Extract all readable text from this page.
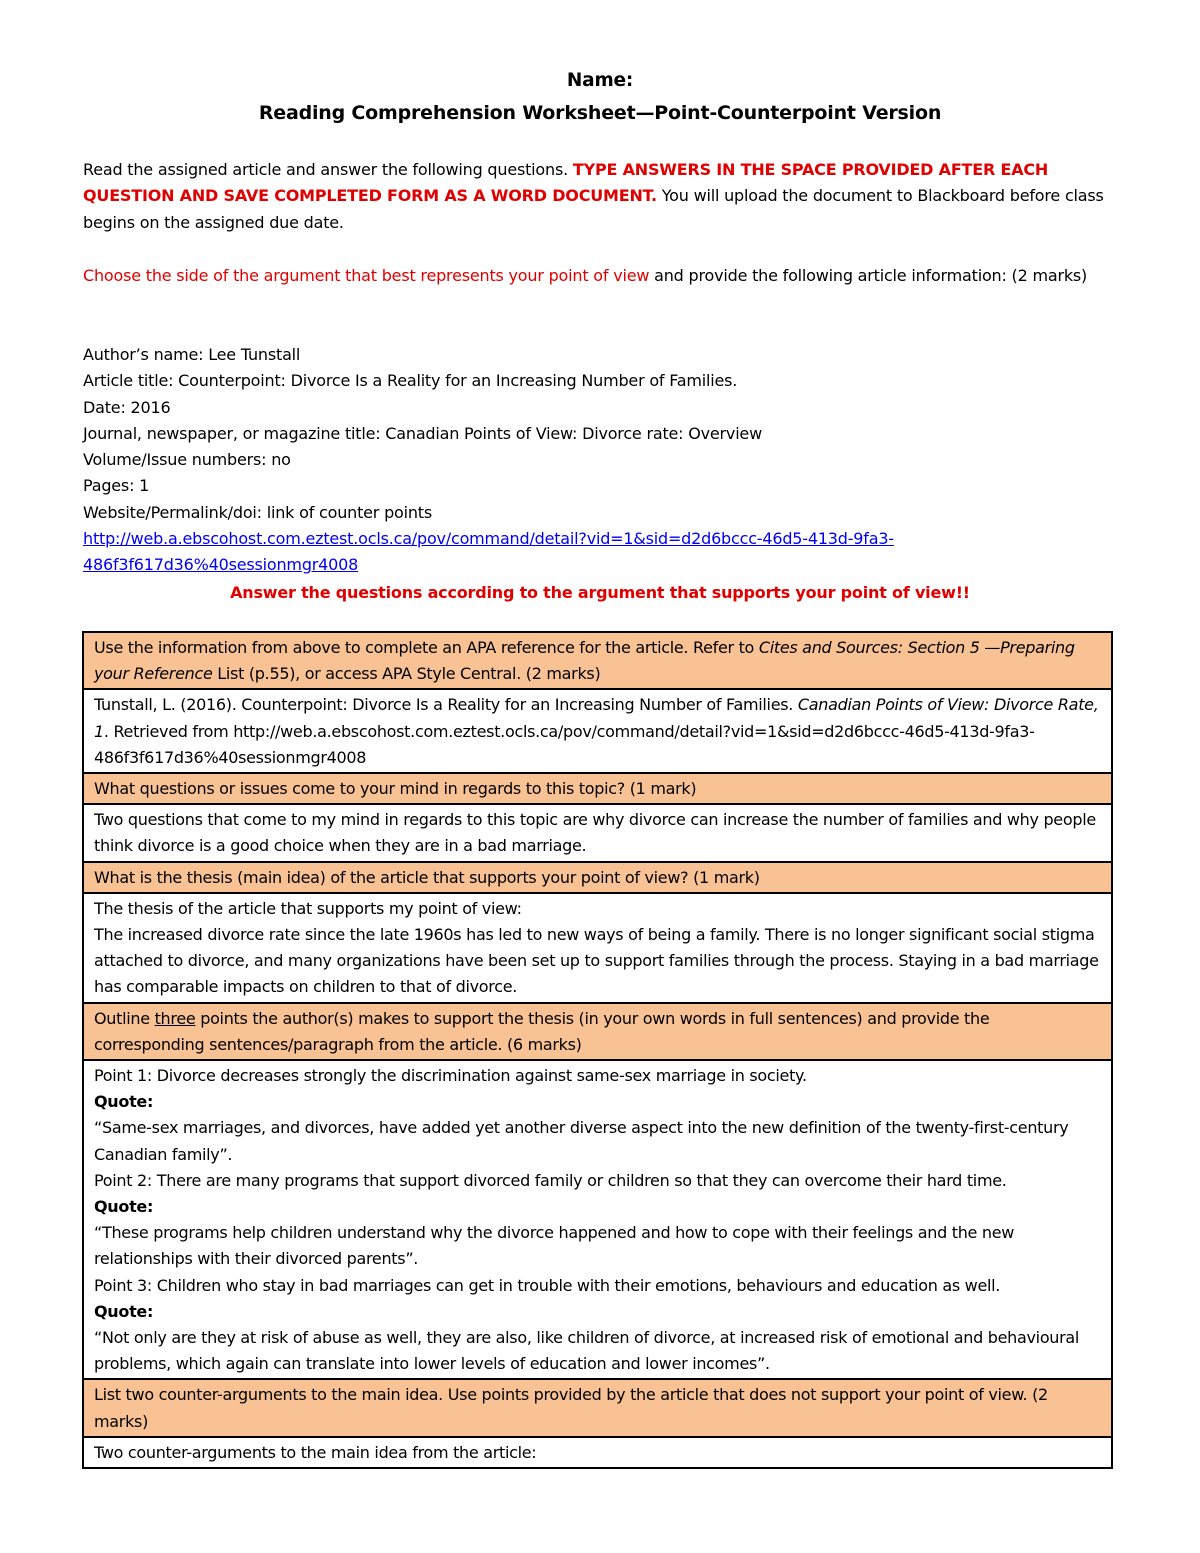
Name:
Reading Comprehension Worksheet—Point-Counterpoint Version
Read the assigned article and answer the following questions. TYPE ANSWERS IN THE SPACE PROVIDED AFTER EACH QUESTION AND SAVE COMPLETED FORM AS A WORD DOCUMENT. You will upload the document to Blackboard before class begins on the assigned due date.
Choose the side of the argument that best represents your point of view and provide the following article information: (2 marks)
Author’s name: Lee Tunstall
Article title: Counterpoint: Divorce Is a Reality for an Increasing Number of Families.
Date: 2016
Journal, newspaper, or magazine title: Canadian Points of View: Divorce rate: Overview
Volume/Issue numbers: no
Pages: 1
Website/Permalink/doi: link of counter points
http://web.a.ebscohost.com.eztest.ocls.ca/pov/command/detail?vid=1&sid=d2d6bccc-46d5-413d-9fa3-
486f3f617d36%40sessionmgr4008
Answer the questions according to the argument that supports your point of view!!
Use the information from above to complete an APA reference for the article. Refer to Cites and Sources: Section 5 —Preparing your Reference List (p.55), or access APA Style Central. (2 marks)
Tunstall, L. (2016). Counterpoint: Divorce Is a Reality for an Increasing Number of Families. Canadian Points of View: Divorce Rate, 1. Retrieved from http://web.a.ebscohost.com.eztest.ocls.ca/pov/command/detail?vid=1&sid=d2d6bccc-46d5-413d-9fa3-486f3f617d36%40sessionmgr4008
What questions or issues come to your mind in regards to this topic? (1 mark)
Two questions that come to my mind in regards to this topic are why divorce can increase the number of families and why people think divorce is a good choice when they are in a bad marriage.
What is the thesis (main idea) of the article that supports your point of view? (1 mark)

The thesis of the article that supports my point of view:
The increased divorce rate since the late 1960s has led to new ways of being a family. There is no longer significant social stigma attached to divorce, and many organizations have been set up to support families through the process. Staying in a bad marriage has comparable impacts on children to that of divorce.

Outline three points the author(s) makes to support the thesis (in your own words in full sentences) and provide the corresponding sentences/paragraph from the article. (6 marks)

Point 1: Divorce decreases strongly the discrimination against same-sex marriage in society.
Quote:
“Same-sex marriages, and divorces, have added yet another diverse aspect into the new definition of the twenty-first-century Canadian family”.
Point 2: There are many programs that support divorced family or children so that they can overcome their hard time.
Quote:
“These programs help children understand why the divorce happened and how to cope with their feelings and the new relationships with their divorced parents”.
Point 3: Children who stay in bad marriages can get in trouble with their emotions, behaviours and education as well.
Quote:
“Not only are they at risk of abuse as well, they are also, like children of divorce, at increased risk of emotional and behavioural problems, which again can translate into lower levels of education and lower incomes”.

List two counter-arguments to the main idea. Use points provided by the article that does not support your point of view. (2 marks)
Two counter-arguments to the main idea from the article:
